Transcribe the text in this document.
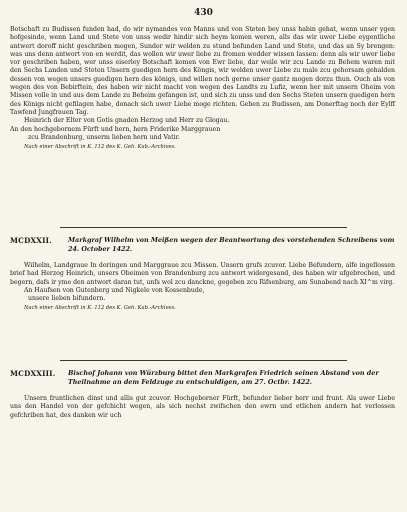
430

Botschaft zu Budissen funden had, do wir nymandes von Manns und von Steten bey unss habin gehat, wenn unser ygen hofgesinde, wenn Land und Stete von unss wedir hindir sich heym komen weren, alls das wir uwer Liebe eygentliche antwert doroff nicht geschriben mogen, Sunder wir welden zu stund befunden Land und Stete, und das an Sy brengen: was uns denn antwort von en werdit, das wollen wir uwer liebe zu fromen wedder wissen lassen: denn als wir uwer liebe vor geschriben haben, wer unss eiserley Botschaft komen von Ewr liebe, dar weile wir zcu Lande zu Behem waren mit den Sechs Landen und Steten Unsern guedigen hern des Köngis, wir welden uwer Liebe zu male zcu gehorsam gehalden dessen von wegen unsers guedigen hern des königs, und willen noch gerne unser gantz mogen dorzu thun. Ouch als von wegen des von Bebirftein, des haben wir nicht macht von wegen des Landts zu Lufiz, wenn her mit unsern Oheim von Missen volle in und aus dem Lande zu Beheim gefangen ist, und sich zu unss und den Sechs Steten unsern guedigen hern des Königs nicht gefilagen habe, donach sich uwer Liebe moge richten. Geben zu Budissen, am Donerftag noch der Eylff Tawfend Jungfrauen Tag.

Heinrich der Elter von Gotis gnaden Herzog und Herr zu Glogau.

An den hochgebornem Fürft und hern, hern Friderike Marggrauen

zcu Brandenburg, unserm lieben hern und Vatir.

Nach einer Abschrift in K. 112 des K. Geh. Kab.-Archives.

MCDXXII.	Markgraf Wilhelm von Meißen wegen der Beantwortung des vorstehenden Schreibens vom 24. October 1422.

Wilhelm, Landgraue In doringen und Marggraue zcu Missen. Unsern grufs zcuvor. Liebe Befundern, alfe ingeflossen brief had Herzog Heinrich, unsers Obeimen von Brandenburg zcu antwort widergesand, des haben wir ufgebrochen, und begern, dafs ir yme den antwort daran tut, unfs wol zcu danckne, gegeben zcu Rifsenburg, am Sunabend nach XI^m virg.

An Haufsen von Gutenberg und Nigkele von Kossenbude,

unsere lieben bifundern.

Nach einer Abschrift in K. 112 des K. Geh. Kab.-Archives.

MCDXXIII.	Bischof Johann von Würzburg bittet den Markgrafen Friedrich seinen Abstand von der Theilnahme an dem Feldzuge zu entschuldigen, am 27. Octbr. 1422.

Unsern fruntlichen dinst und allis gut zcuvor. Hochgeborner Fürft, befunder lieber herr und frunt. Als uwer Liebe uns den Handel von der gefchicht wegen, als sich nechst zwifschen den ewrn und etlichen andern hat verlossen gefchriben hat, des danken wir uch
